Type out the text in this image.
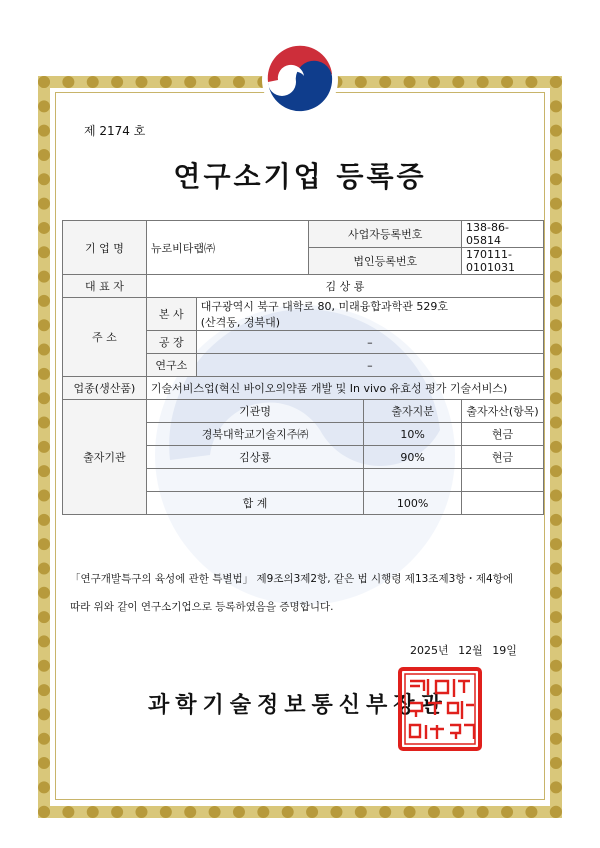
제 2174 호
연구소기업 등록증
기 업 명	뉴로비타랩㈜		사업자등록번호		138-86-05814
			법인등록번호		170111-0101031
대 표 자	김 상 룡				
주 소	본 사	대구광역시 북구 대학로 80, 미래융합과학관 529호
(산격동, 경북대)			

	공 장	–			
	연구소	–			
업종(생산품)	기술서비스업(혁신 바이오의약품 개발 및 In vivo 유효성 평가 기술서비스)				
출자기관	기관명			출자지분	출자자산(항목)
	경북대학교기술지주㈜			10%	현금
	김상룡			90%	현금

	합 계			100%	
「연구개발특구의 육성에 관한 특별법」 제9조의3제2항, 같은 법 시행령 제13조제3항・제4항에
따라 위와 같이 연구소기업으로 등록하였음을 증명합니다.
2025년 12월 19일
과학기술정보통신부장관
